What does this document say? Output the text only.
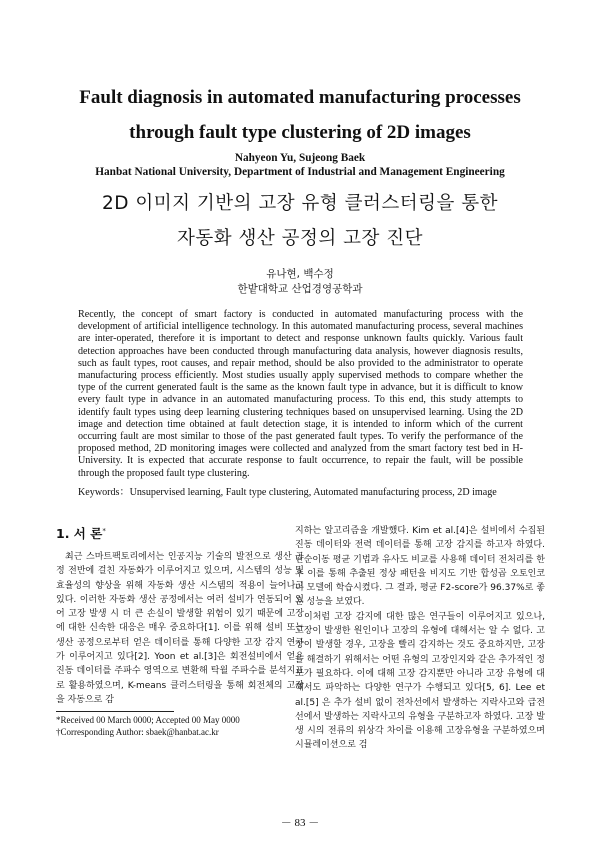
Fault diagnosis in automated manufacturing processes
through fault type clustering of 2D images
Nahyeon Yu, Sujeong Baek
Hanbat National University, Department of Industrial and Management Engineering
2D 이미지 기반의 고장 유형 클러스터링을 통한
자동화 생산 공정의 고장 진단
유나현, 백수정
한밭대학교 산업경영공학과
Recently, the concept of smart factory is conducted in automated manufacturing process with the development of artificial intelligence technology. In this automated manufacturing process, several machines are inter-operated, therefore it is important to detect and response unknown faults quickly. Various fault detection approaches have been conducted through manufacturing data analysis, however diagnosis results, such as fault types, root causes, and repair method, should be also provided to the administrator to operate manufacturing process efficiently. Most studies usually apply supervised methods to compare whether the type of the current generated fault is the same as the known fault type in advance, but it is difficult to know every fault type in advance in an automated manufacturing process. To this end, this study attempts to identify fault types using deep learning clustering techniques based on unsupervised learning. Using the 2D image and detection time obtained at fault detection stage, it is intended to inform which of the current occurring fault are most similar to those of the past generated fault types. To verify the performance of the proposed method, 2D monitoring images were collected and analyzed from the smart factory test bed in H-University. It is expected that accurate response to fault occurrence, to repair the fault, will be possible through the proposed fault type clustering.
Keywords：Unsupervised learning, Fault type clustering, Automated manufacturing process, 2D image
1. 서 론*

최근 스마트팩토리에서는 인공지능 기술의 발전으로 생산 공정 전반에 걸친 자동화가 이루어지고 있으며, 시스템의 성능 및 효율성의 향상을 위해 자동화 생산 시스템의 적용이 늘어나고 있다. 이러한 자동화 생산 공정에서는 여러 설비가 연동되어 있어 고장 발생 시 더 큰 손실이 발생할 위험이 있기 때문에 고장에 대한 신속한 대응은 매우 중요하다[1]. 이를 위해 설비 또는 생산 공정으로부터 얻은 데이터를 통해 다양한 고장 감지 연구가 이루어지고 있다[2]. Yoon et al.[3]은 회전설비에서 얻은 진동 데이터를 주파수 영역으로 변환해 탁월 주파수를 분석지표로 활용하였으며, K-means 클러스터링을 통해 회전체의 고장을 자동으로 감

지하는 알고리즘을 개발했다. Kim et al.[4]은 설비에서 수집된 진동 데이터와 전력 데이터를 통해 고장 감지를 하고자 하였다. 단순이동 평균 기법과 유사도 비교를 사용해 데이터 전처리를 한 후 이를 통해 추출된 정상 패턴을 비지도 기반 합성곱 오토인코더 모델에 학습시켰다. 그 결과, 평균 F2-score가 96.37%로 좋은 성능을 보였다.

이처럼 고장 감지에 대한 많은 연구들이 이루어지고 있으나, 고장이 발생한 원인이나 고장의 유형에 대해서는 알 수 없다. 고장이 발생할 경우, 고장을 빨리 감지하는 것도 중요하지만, 고장을 해결하기 위해서는 어떤 유형의 고장인지와 같은 추가적인 정보가 필요하다. 이에 대해 고장 감지뿐만 아니라 고장 유형에 대해서도 파악하는 다양한 연구가 수행되고 있다[5, 6]. Lee et al.[5] 은 추가 설비 없이 전차선에서 발생하는 지락사고와 급전선에서 발생하는 지락사고의 유형을 구분하고자 하였다. 고장 발생 시의 전류의 위상각 차이를 이용해 고장유형을 구분하였으며 시뮬레이션으로 검

*Received 00 March 0000; Accepted 00 May 0000
†Corresponding Author: sbaek@hanbat.ac.kr
－ 83 －
